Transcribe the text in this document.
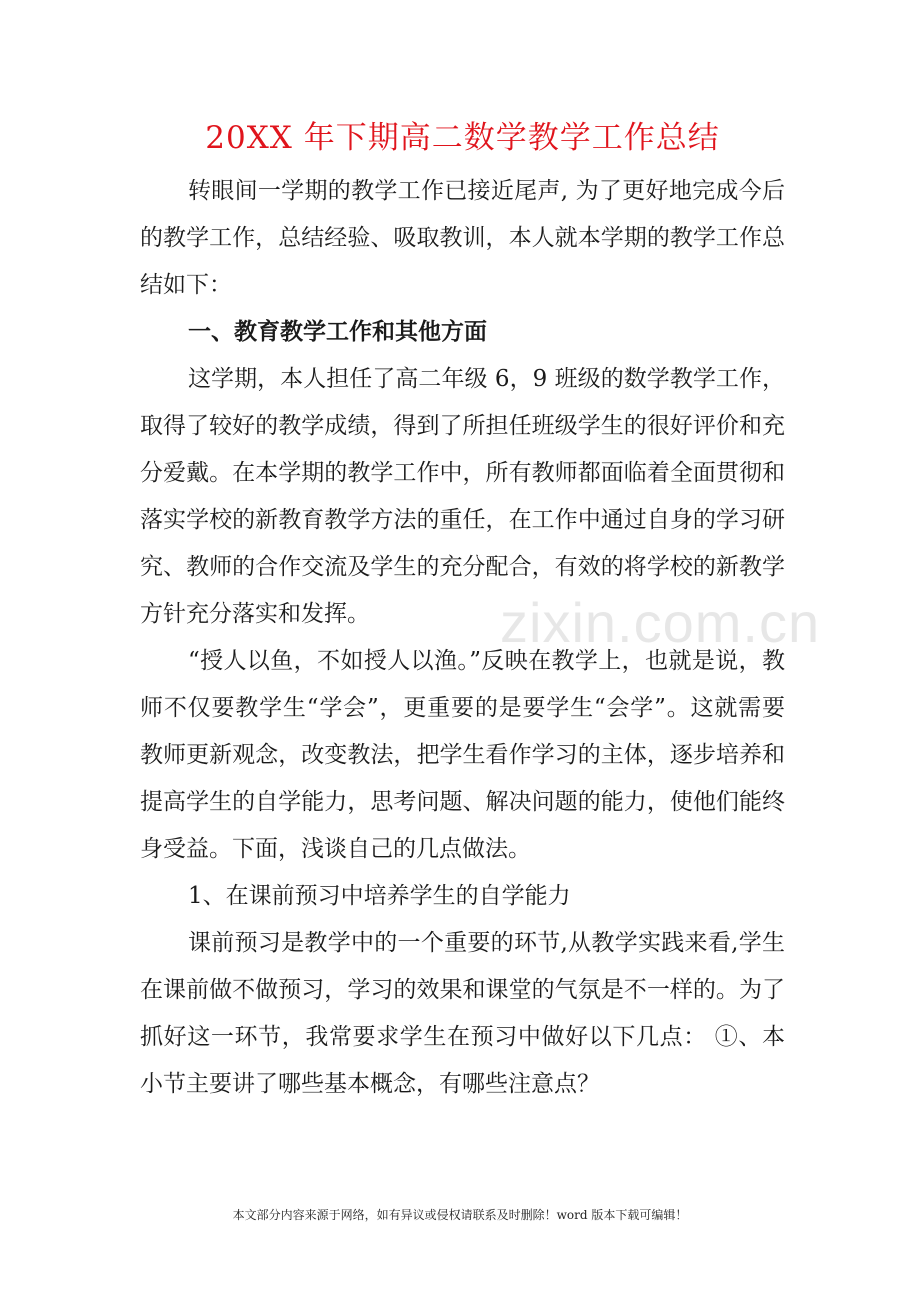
20XX 年下期高二数学教学工作总结

转眼间一学期的教学工作已接近尾声, 为了更好地完成今后的教学工作，总结经验、吸取教训，本人就本学期的教学工作总结如下：

一、教育教学工作和其他方面

这学期，本人担任了高二年级 6，9 班级的数学教学工作，取得了较好的教学成绩，得到了所担任班级学生的很好评价和充分爱戴。在本学期的教学工作中，所有教师都面临着全面贯彻和落实学校的新教育教学方法的重任，在工作中通过自身的学习研究、教师的合作交流及学生的充分配合，有效的将学校的新教学方针充分落实和发挥。

“授人以鱼，不如授人以渔。”反映在教学上，也就是说，教师不仅要教学生“学会”，更重要的是要学生“会学”。这就需要教师更新观念，改变教法，把学生看作学习的主体，逐步培养和提高学生的自学能力，思考问题、解决问题的能力，使他们能终身受益。下面，浅谈自己的几点做法。

1、在课前预习中培养学生的自学能力

课前预习是教学中的一个重要的环节,从教学实践来看,学生在课前做不做预习，学习的效果和课堂的气氛是不一样的。为了抓好这一环节，我常要求学生在预习中做好以下几点： ①、本小节主要讲了哪些基本概念，有哪些注意点？

zixin.com.cn
本文部分内容来源于网络，如有异议或侵权请联系及时删除！word 版本下载可编辑！
